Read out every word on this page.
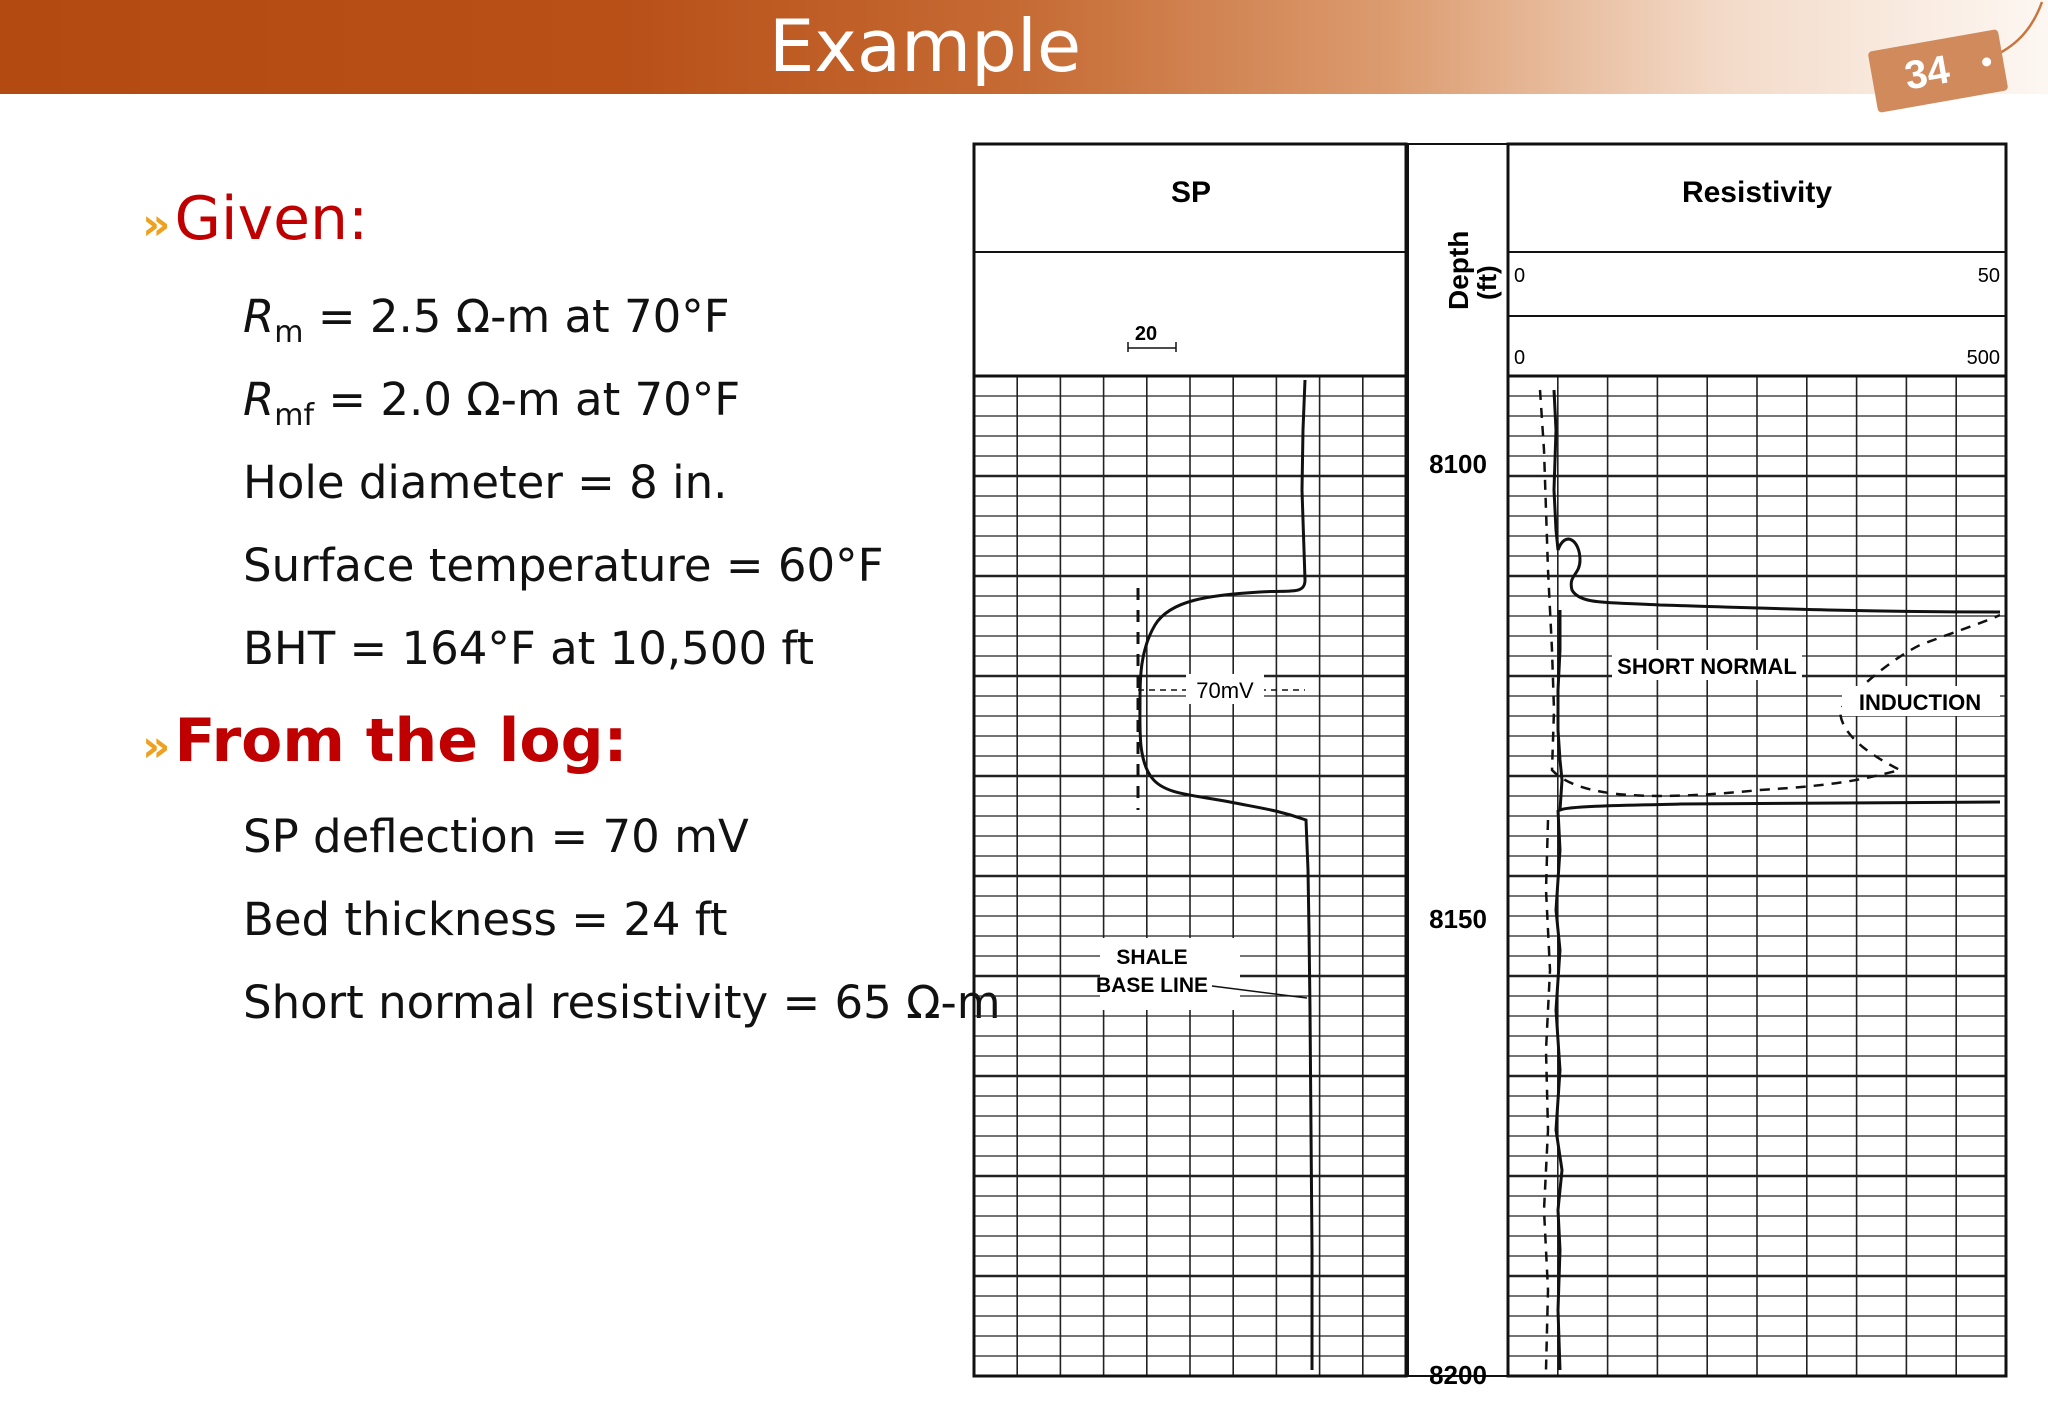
Example	34
»Given:
$R_m = 2.5$ Ω-m at 70°F
$R_{mf} = 2.0$ Ω-m at 70°F
Hole diameter = 8 in.
Surface temperature = 60°F
BHT = 164°F at 10,500 ft
»From the log:
SP deflection = 70 mV
Bed thickness = 24 ft
Short normal resistivity = 65 Ω-m
SP	Resistivity
Depth
(ft)
20
0	50
0	500
8100
8150
8200
70mV
SHALE
BASE LINE
SHORT NORMAL
INDUCTION
